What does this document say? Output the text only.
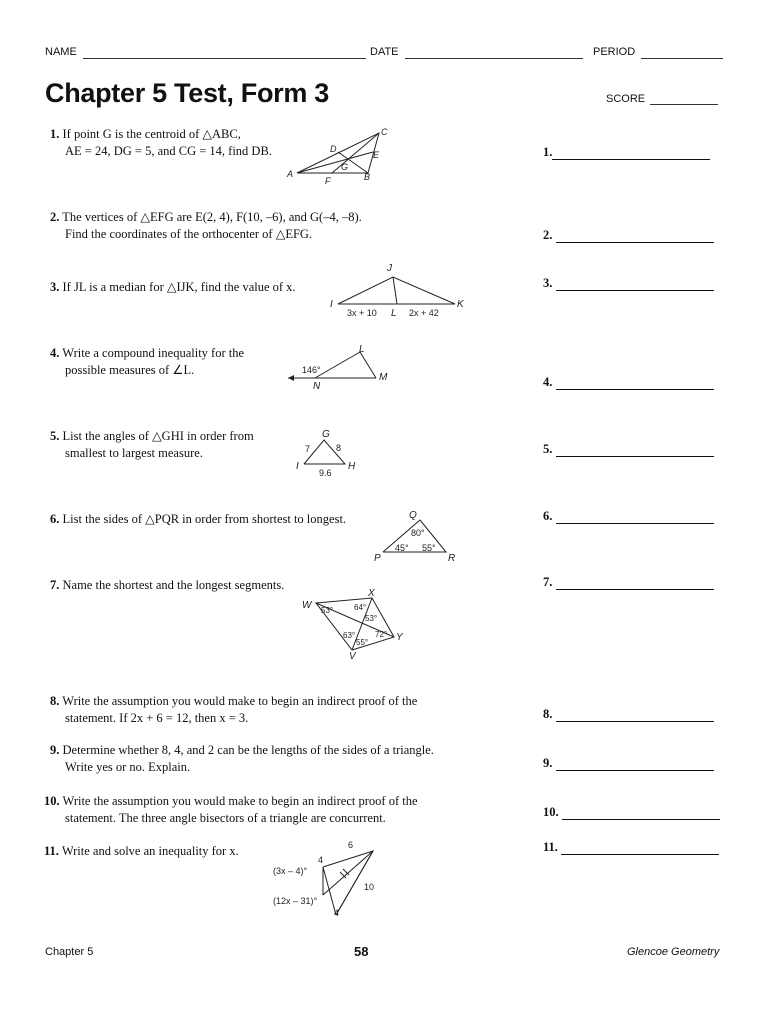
NAME	DATE	PERIOD
Chapter 5 Test, Form 3	SCORE
1. If point G is the centroid of △ABC,
AE = 24, DG = 5, and CG = 14, find DB.
2. The vertices of △EFG are E(2, 4), F(10, –6), and G(–4, –8).
Find the coordinates of the orthocenter of △EFG.
3. If JL is a median for △IJK, find the value of x.
4. Write a compound inequality for the
possible measures of ∠L.
5. List the angles of △GHI in order from
smallest to largest measure.
6. List the sides of △PQR in order from shortest to longest.
7. Name the shortest and the longest segments.
8. Write the assumption you would make to begin an indirect proof of the
statement. If 2x + 6 = 12, then x = 3.
9. Determine whether 8, 4, and 2 can be the lengths of the sides of a triangle.
Write yes or no. Explain.
10. Write the assumption you would make to begin an indirect proof of the
statement. The three angle bisectors of a triangle are concurrent.
11. Write and solve an inequality for x.
1.
2.
3.
4.
5.
6.
7.
8.
9.
10.
11.
A	B
C
D
E
F
G
J
I	K
L
3x + 10	2x + 42
L
N
M
146°
G
I	H
7	8
9.6
Q
P	R
80°
45° 55°
W
X
Y
V
53°	64°
53°
72°
63°
55°
6
4
10
4
(3x – 4)°
(12x – 31)°
Chapter 5	58	Glencoe Geometry
